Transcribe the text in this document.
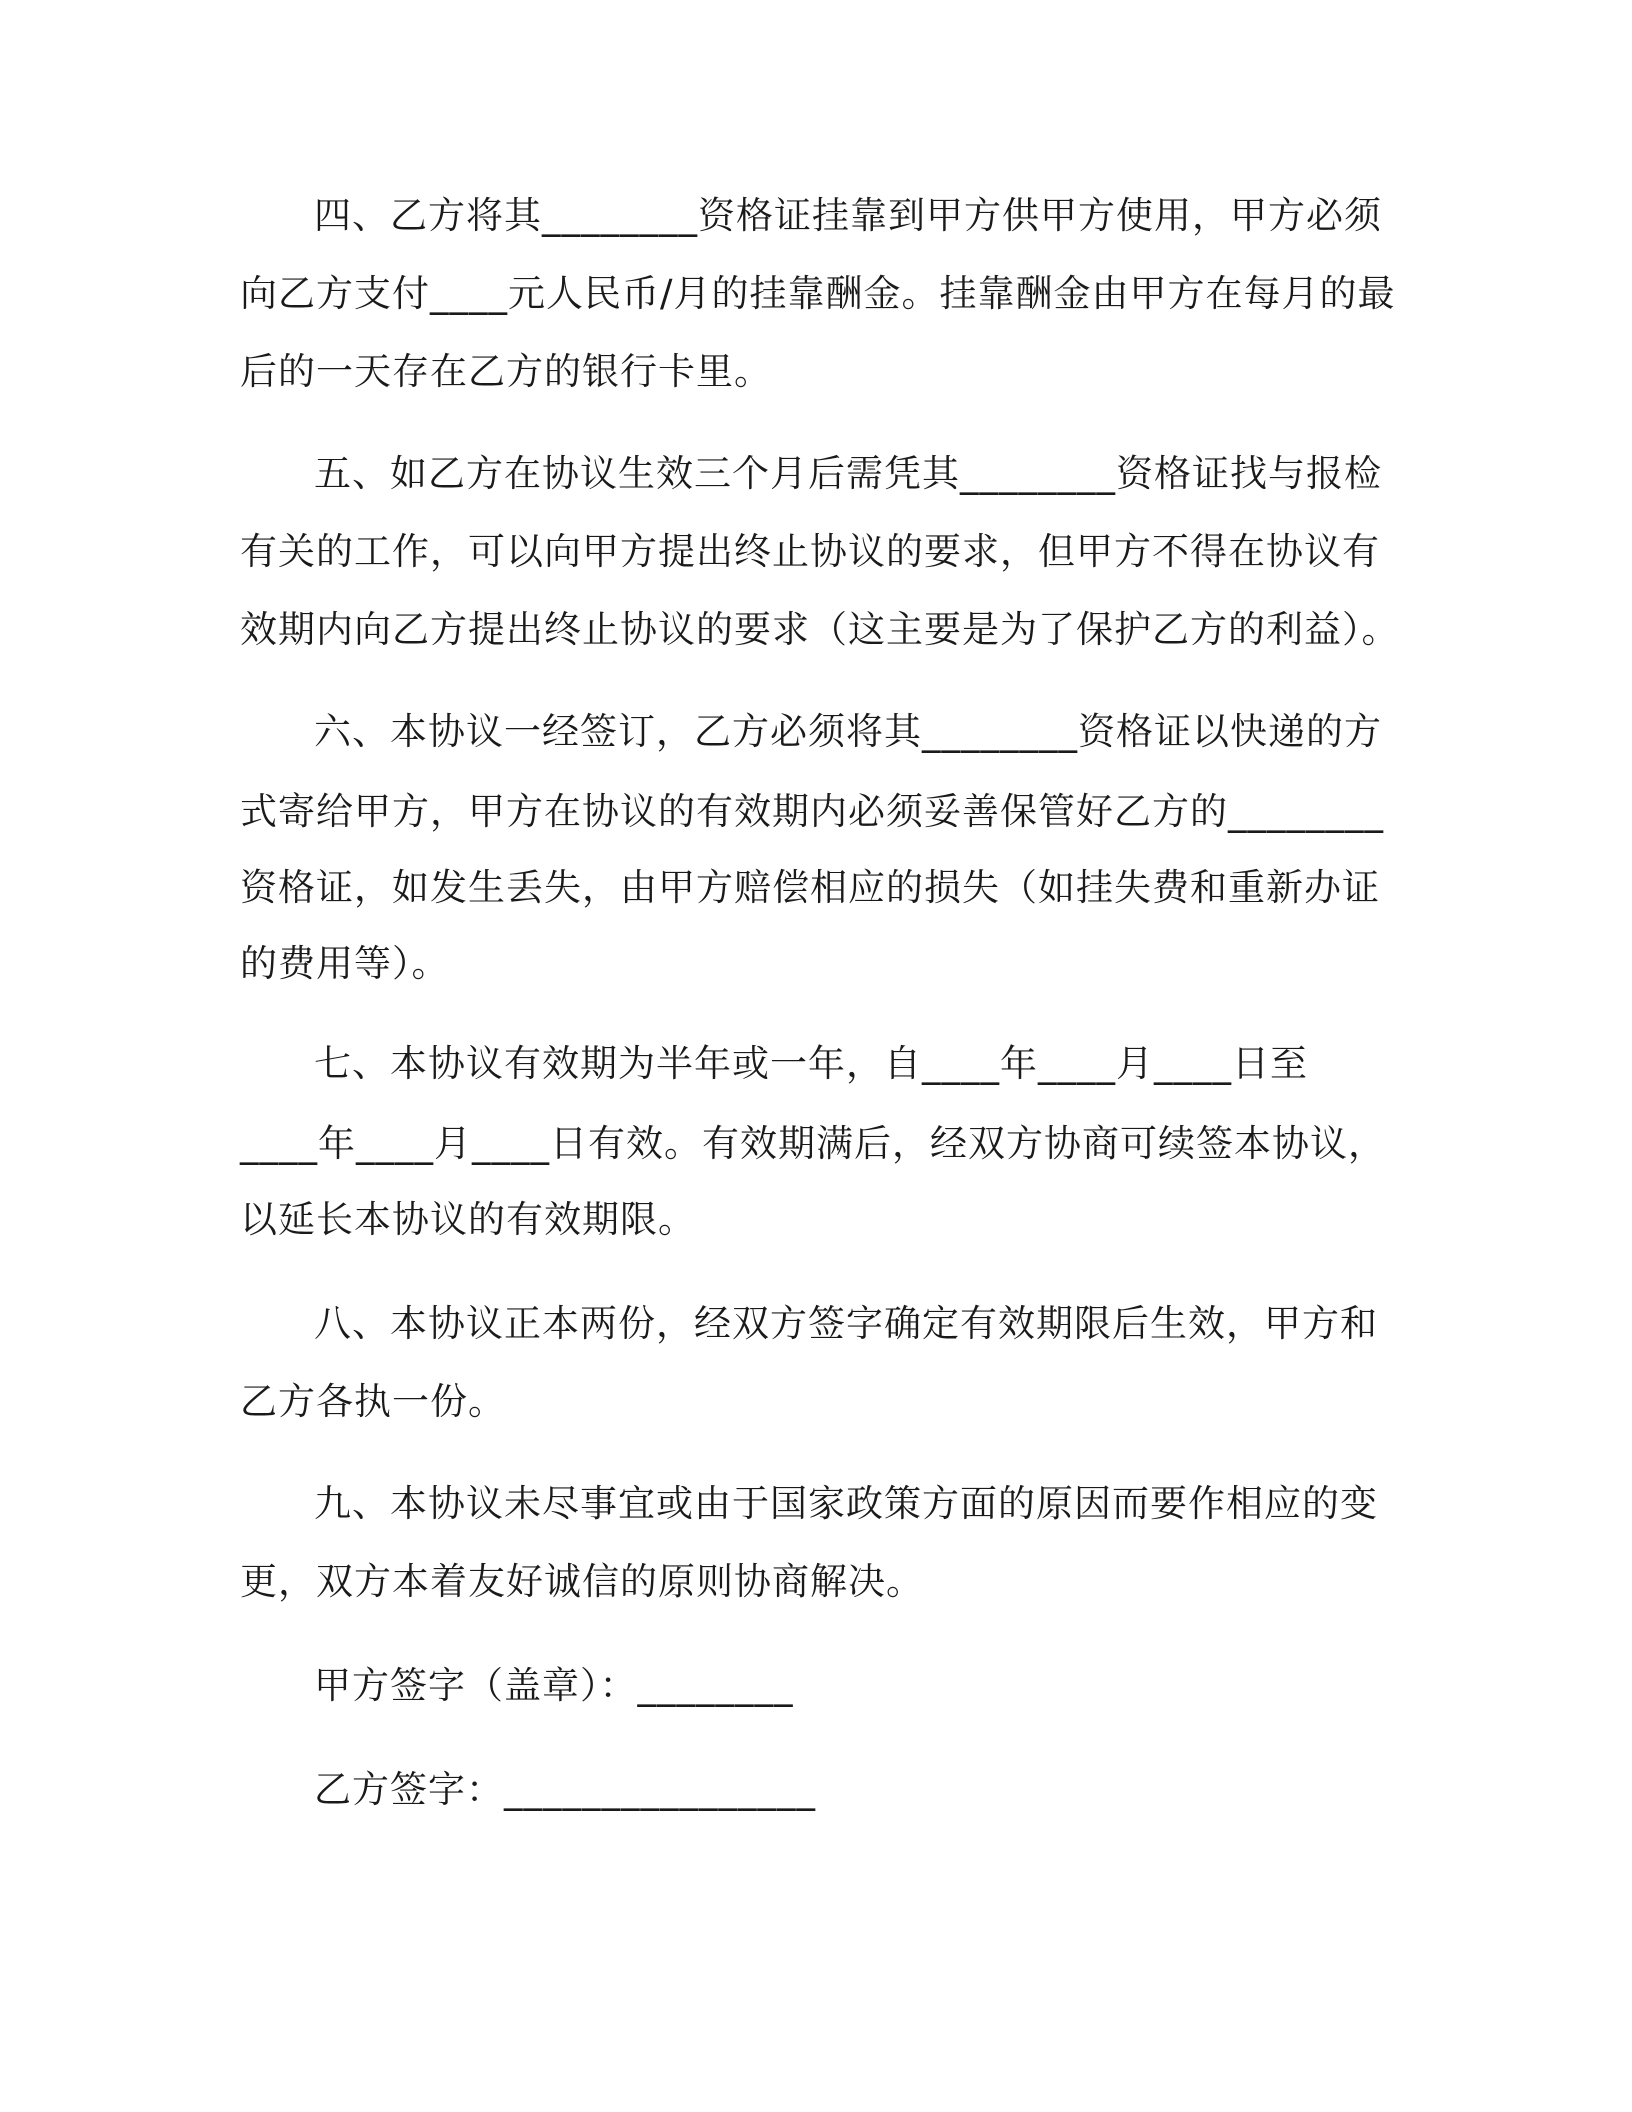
四、乙方将其________资格证挂靠到甲方供甲方使用，甲方必须
向乙方支付____元人民币/月的挂靠酬金。挂靠酬金由甲方在每月的最
后的一天存在乙方的银行卡里。
五、如乙方在协议生效三个月后需凭其________资格证找与报检
有关的工作，可以向甲方提出终止协议的要求，但甲方不得在协议有
效期内向乙方提出终止协议的要求（这主要是为了保护乙方的利益）。
六、本协议一经签订，乙方必须将其________资格证以快递的方
式寄给甲方，甲方在协议的有效期内必须妥善保管好乙方的________
资格证，如发生丢失，由甲方赔偿相应的损失（如挂失费和重新办证
的费用等）。
七、本协议有效期为半年或一年，自____年____月____日至
____年____月____日有效。有效期满后，经双方协商可续签本协议，
以延长本协议的有效期限。
八、本协议正本两份，经双方签字确定有效期限后生效，甲方和
乙方各执一份。
九、本协议未尽事宜或由于国家政策方面的原因而要作相应的变
更，双方本着友好诚信的原则协商解决。
甲方签字（盖章）：________
乙方签字：________________
